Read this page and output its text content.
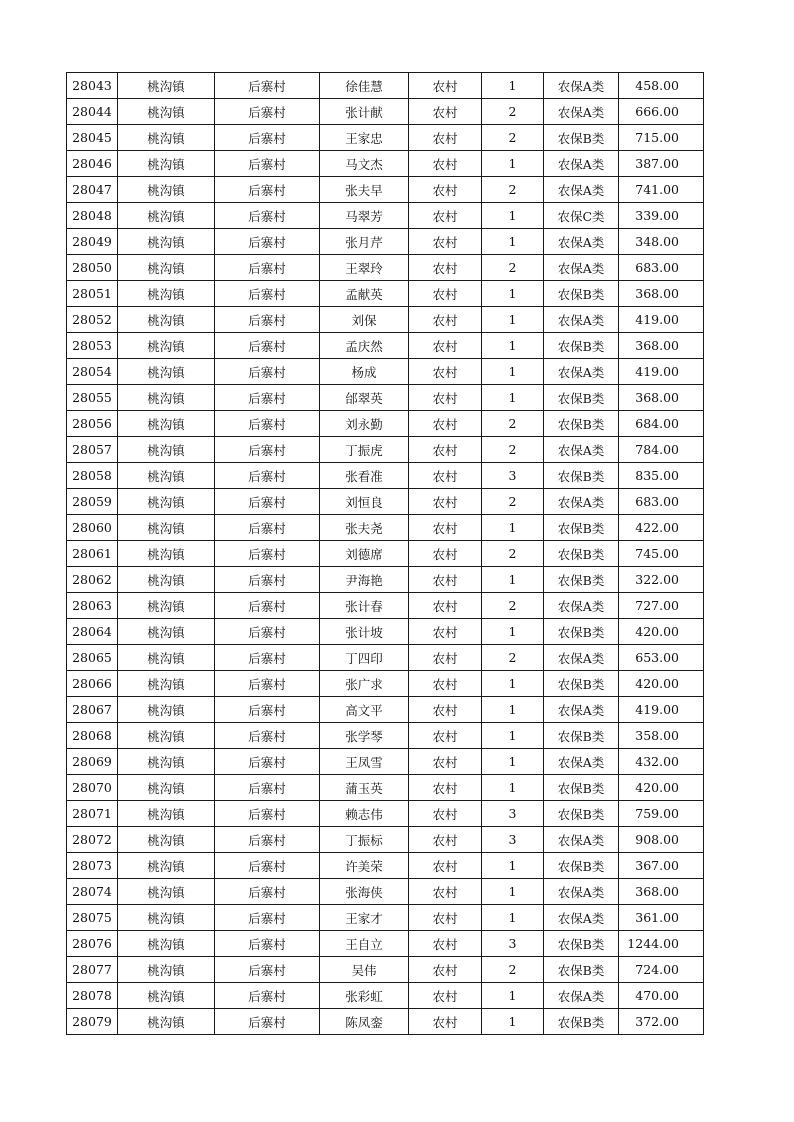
28043	桃沟镇	后寨村	徐佳慧	农村	1	农保A类	458.00
28044	桃沟镇	后寨村	张计献	农村	2	农保A类	666.00
28045	桃沟镇	后寨村	王家忠	农村	2	农保B类	715.00
28046	桃沟镇	后寨村	马文杰	农村	1	农保A类	387.00
28047	桃沟镇	后寨村	张夫早	农村	2	农保A类	741.00
28048	桃沟镇	后寨村	马翠芳	农村	1	农保C类	339.00
28049	桃沟镇	后寨村	张月芹	农村	1	农保A类	348.00
28050	桃沟镇	后寨村	王翠玲	农村	2	农保A类	683.00
28051	桃沟镇	后寨村	孟献英	农村	1	农保B类	368.00
28052	桃沟镇	后寨村	刘保	农村	1	农保A类	419.00
28053	桃沟镇	后寨村	孟庆然	农村	1	农保B类	368.00
28054	桃沟镇	后寨村	杨成	农村	1	农保A类	419.00
28055	桃沟镇	后寨村	邰翠英	农村	1	农保B类	368.00
28056	桃沟镇	后寨村	刘永勤	农村	2	农保B类	684.00
28057	桃沟镇	后寨村	丁振虎	农村	2	农保A类	784.00
28058	桃沟镇	后寨村	张看准	农村	3	农保B类	835.00
28059	桃沟镇	后寨村	刘恒良	农村	2	农保A类	683.00
28060	桃沟镇	后寨村	张夫尧	农村	1	农保B类	422.00
28061	桃沟镇	后寨村	刘德席	农村	2	农保B类	745.00
28062	桃沟镇	后寨村	尹海艳	农村	1	农保B类	322.00
28063	桃沟镇	后寨村	张计春	农村	2	农保A类	727.00
28064	桃沟镇	后寨村	张计坡	农村	1	农保B类	420.00
28065	桃沟镇	后寨村	丁四印	农村	2	农保A类	653.00
28066	桃沟镇	后寨村	张广求	农村	1	农保B类	420.00
28067	桃沟镇	后寨村	高文平	农村	1	农保A类	419.00
28068	桃沟镇	后寨村	张学琴	农村	1	农保B类	358.00
28069	桃沟镇	后寨村	王凤雪	农村	1	农保A类	432.00
28070	桃沟镇	后寨村	蒲玉英	农村	1	农保B类	420.00
28071	桃沟镇	后寨村	赖志伟	农村	3	农保B类	759.00
28072	桃沟镇	后寨村	丁振标	农村	3	农保A类	908.00
28073	桃沟镇	后寨村	许美荣	农村	1	农保B类	367.00
28074	桃沟镇	后寨村	张海侠	农村	1	农保A类	368.00
28075	桃沟镇	后寨村	王家才	农村	1	农保A类	361.00
28076	桃沟镇	后寨村	王自立	农村	3	农保B类	1244.00
28077	桃沟镇	后寨村	吴伟	农村	2	农保B类	724.00
28078	桃沟镇	后寨村	张彩虹	农村	1	农保A类	470.00
28079	桃沟镇	后寨村	陈凤銮	农村	1	农保B类	372.00
